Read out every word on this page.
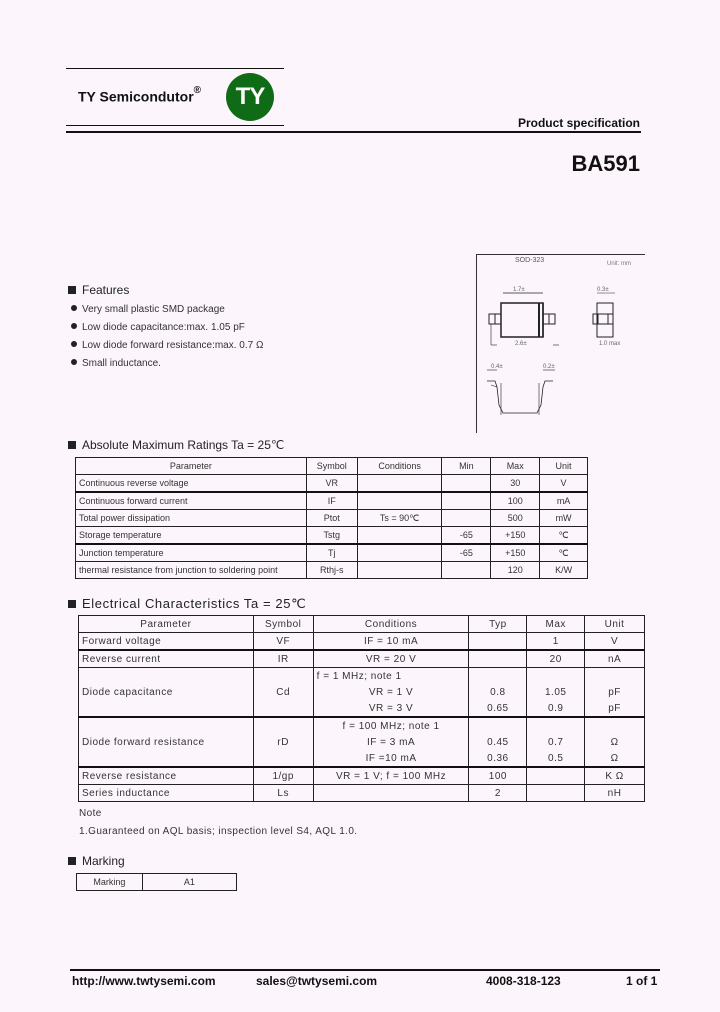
TY Semicondutor®	TY
Product specification
BA591
Features
Very small plastic SMD package
Low diode capacitance:max. 1.05 pF
Low diode forward resistance:max. 0.7 Ω
Small inductance.
SOD-323	Unit: mm
1.7±
2.6±
0.3±
1.0 max
0.4±	0.2±
Absolute Maximum Ratings Ta = 25℃
Parameter	Symbol	Conditions	Min	Max	Unit
Continuous reverse voltage	VR			30	V
Continuous forward current	IF			100	mA
Total power dissipation	Ptot	Ts = 90℃		500	mW
Storage temperature	Tstg		-65	+150	℃
Junction temperature	Tj		-65	+150	℃
thermal resistance from junction to soldering point	Rthj-s			120	K/W
Electrical Characteristics Ta = 25℃
Parameter	Symbol	Conditions	Typ	Max	Unit
Forward voltage	VF	IF = 10 mA		1	V
Reverse current	IR	VR = 20 V		20	nA
Diode capacitance	Cd	f = 1 MHz; note 1			
		VR = 1 V	0.8	1.05	pF
		VR = 3 V	0.65	0.9	pF
Diode forward resistance	rD	f = 100 MHz; note 1			
		IF = 3 mA	0.45	0.7	Ω
		IF =10 mA	0.36	0.5	Ω
Reverse resistance	1/gp	VR = 1 V; f = 100 MHz	100		K Ω
Series inductance	Ls		2		nH
Note
1.Guaranteed on AQL basis; inspection level S4, AQL 1.0.
Marking
Marking	A1
http://www.twtysemi.com	sales@twtysemi.com	4008-318-123	1 of 1
